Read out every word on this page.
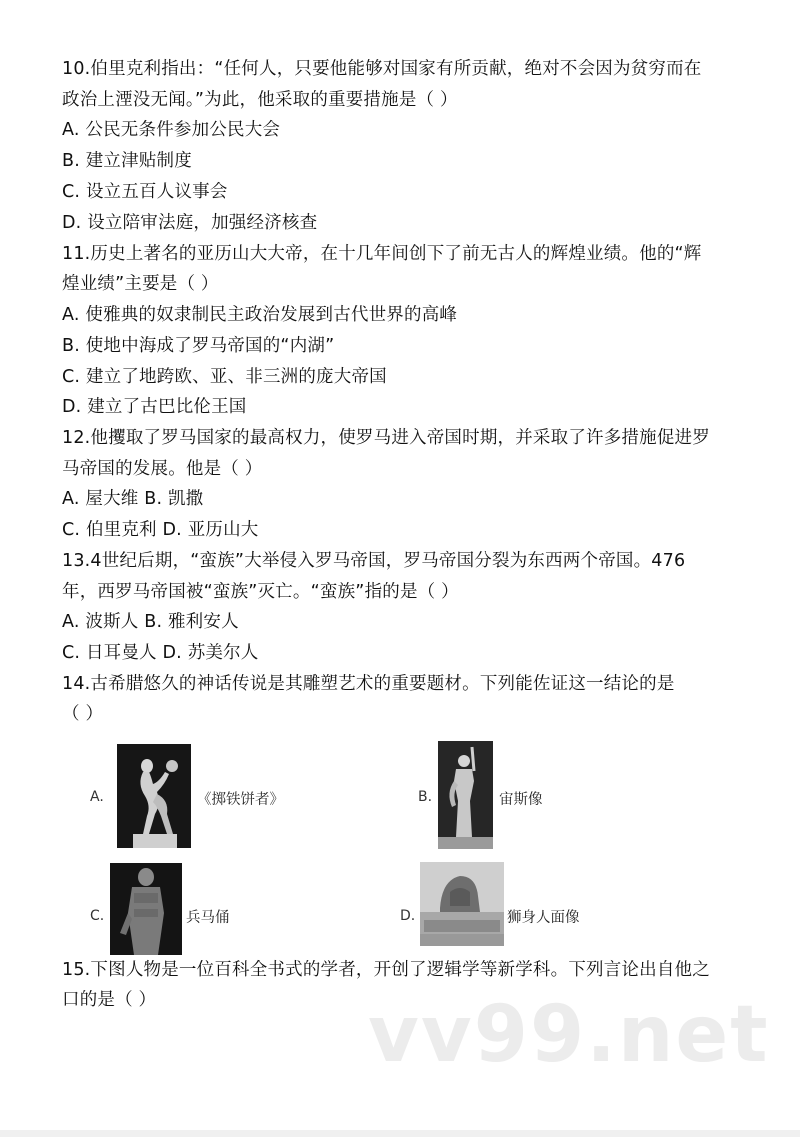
10.伯里克利指出：“任何人，只要他能够对国家有所贡献，绝对不会因为贫穷而在
政治上湮没无闻。”为此，他采取的重要措施是（ ）
A. 公民无条件参加公民大会
B. 建立津贴制度
C. 设立五百人议事会
D. 设立陪审法庭，加强经济核查
11.历史上著名的亚历山大大帝，在十几年间创下了前无古人的辉煌业绩。他的“辉
煌业绩”主要是（ ）
A. 使雅典的奴隶制民主政治发展到古代世界的高峰
B. 使地中海成了罗马帝国的“内湖”
C. 建立了地跨欧、亚、非三洲的庞大帝国
D. 建立了古巴比伦王国
12.他攫取了罗马国家的最高权力，使罗马进入帝国时期，并采取了许多措施促进罗
马帝国的发展。他是（ ）
A. 屋大维 B. 凯撒
C. 伯里克利 D. 亚历山大
13.4世纪后期，“蛮族”大举侵入罗马帝国，罗马帝国分裂为东西两个帝国。476
年，西罗马帝国被“蛮族”灭亡。“蛮族”指的是（ ）
A. 波斯人 B. 雅利安人
C. 日耳曼人 D. 苏美尔人
14.古希腊悠久的神话传说是其雕塑艺术的重要题材。下列能佐证这一结论的是
（ ）
A.	《掷铁饼者》	B.	宙斯像
C.	兵马俑	D.	狮身人面像
15.下图人物是一位百科全书式的学者，开创了逻辑学等新学科。下列言论出自他之
口的是（ ）	vv99.net
